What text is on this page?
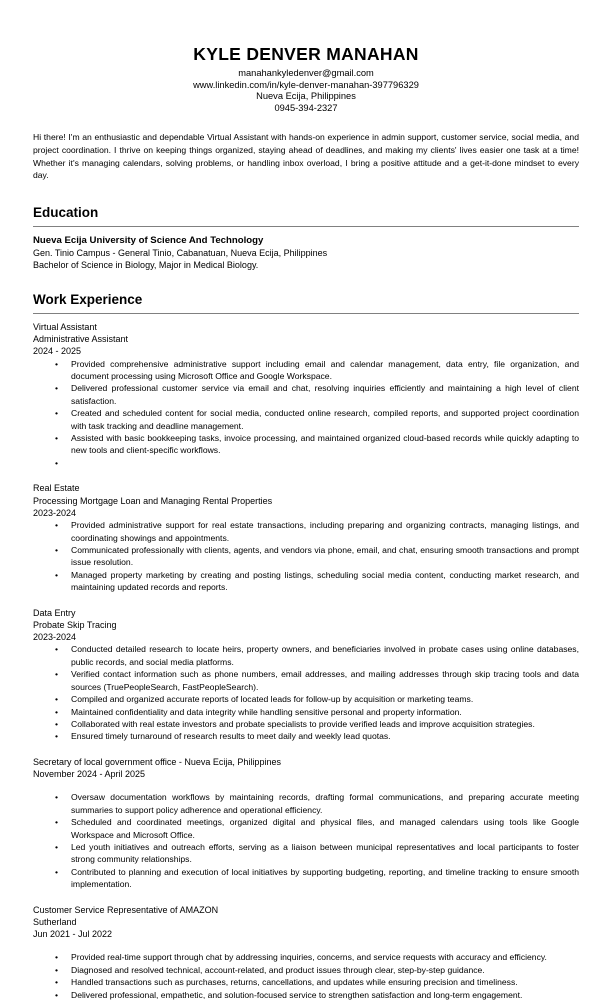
KYLE DENVER MANAHAN
manahankyledenver@gmail.com
www.linkedin.com/in/kyle-denver-manahan-397796329
Nueva Ecija, Philippines
0945-394-2327
Hi there! I'm an enthusiastic and dependable Virtual Assistant with hands-on experience in admin support, customer service, social media, and project coordination. I thrive on keeping things organized, staying ahead of deadlines, and making my clients' lives easier one task at a time! Whether it's managing calendars, solving problems, or handling inbox overload, I bring a positive attitude and a get-it-done mindset to every day.
Education
Nueva Ecija University of Science And Technology
Gen. Tinio Campus - General Tinio, Cabanatuan, Nueva Ecija, Philippines
Bachelor of Science in Biology, Major in Medical Biology.
Work Experience
Virtual Assistant
Administrative Assistant
2024 - 2025
• Provided comprehensive administrative support including email and calendar management, data entry, file organization, and document processing using Microsoft Office and Google Workspace.
• Delivered professional customer service via email and chat, resolving inquiries efficiently and maintaining a high level of client satisfaction.
• Created and scheduled content for social media, conducted online research, compiled reports, and supported project coordination with task tracking and deadline management.
• Assisted with basic bookkeeping tasks, invoice processing, and maintained organized cloud-based records while quickly adapting to new tools and client-specific workflows.
•
Real Estate
Processing Mortgage Loan and Managing Rental Properties
2023-2024
• Provided administrative support for real estate transactions, including preparing and organizing contracts, managing listings, and coordinating showings and appointments.
• Communicated professionally with clients, agents, and vendors via phone, email, and chat, ensuring smooth transactions and prompt issue resolution.
• Managed property marketing by creating and posting listings, scheduling social media content, conducting market research, and maintaining updated records and reports.
Data Entry
Probate Skip Tracing
2023-2024
• Conducted detailed research to locate heirs, property owners, and beneficiaries involved in probate cases using online databases, public records, and social media platforms.
• Verified contact information such as phone numbers, email addresses, and mailing addresses through skip tracing tools and data sources (TruePeopleSearch, FastPeopleSearch).
• Compiled and organized accurate reports of located leads for follow-up by acquisition or marketing teams.
• Maintained confidentiality and data integrity while handling sensitive personal and property information.
• Collaborated with real estate investors and probate specialists to provide verified leads and improve acquisition strategies.
• Ensured timely turnaround of research results to meet daily and weekly lead quotas.
Secretary of local government office - Nueva Ecija, Philippines
November 2024 - April 2025
• Oversaw documentation workflows by maintaining records, drafting formal communications, and preparing accurate meeting summaries to support policy adherence and operational efficiency.
• Scheduled and coordinated meetings, organized digital and physical files, and managed calendars using tools like Google Workspace and Microsoft Office.
• Led youth initiatives and outreach efforts, serving as a liaison between municipal representatives and local participants to foster strong community relationships.
• Contributed to planning and execution of local initiatives by supporting budgeting, reporting, and timeline tracking to ensure smooth implementation.
Customer Service Representative of AMAZON
Sutherland
Jun 2021 - Jul 2022
• Provided real-time support through chat by addressing inquiries, concerns, and service requests with accuracy and efficiency.
• Diagnosed and resolved technical, account-related, and product issues through clear, step-by-step guidance.
• Handled transactions such as purchases, returns, cancellations, and updates while ensuring precision and timeliness.
• Delivered professional, empathetic, and solution-focused service to strengthen satisfaction and long-term engagement.
